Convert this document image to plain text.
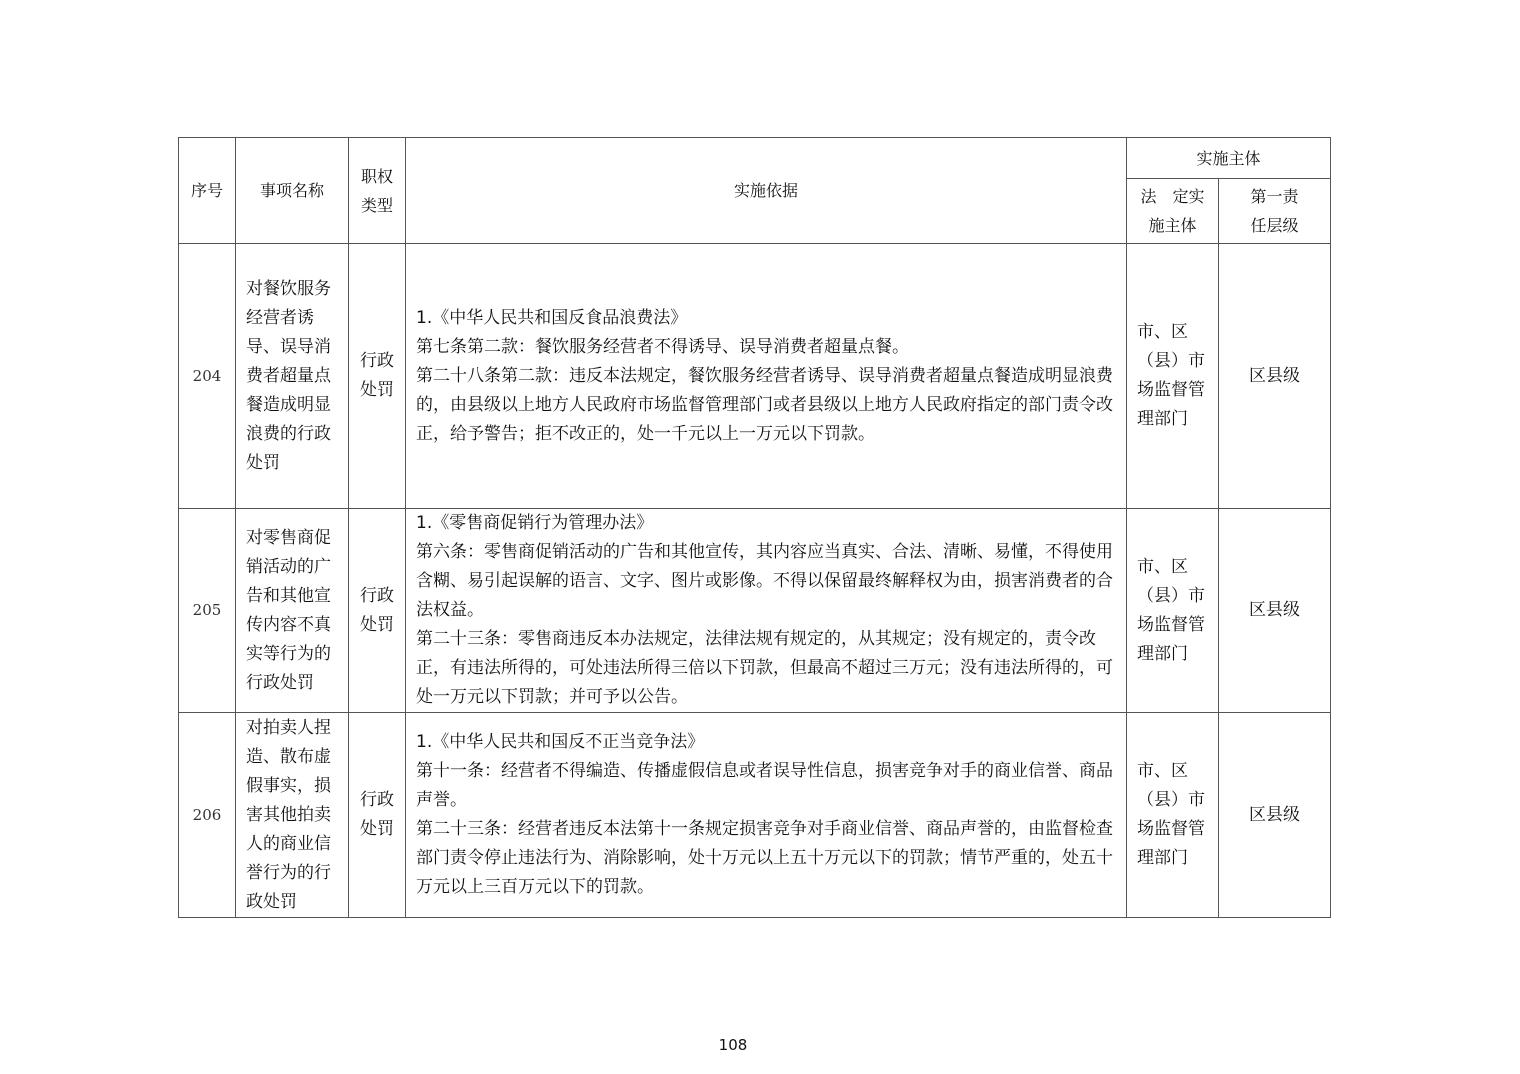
序号	事项名称	职权类型	实施依据	实施主体	
				法　定实施主体	第一责任层级
204	对餐饮服务经营者诱导、误导消费者超量点餐造成明显浪费的行政处罚	行政处罚	1.《中华人民共和国反食品浪费法》

第七条第二款：餐饮服务经营者不得诱导、误导消费者超量点餐。

第二十八条第二款：违反本法规定，餐饮服务经营者诱导、误导消费者超量点餐造成明显浪费的，由县级以上地方人民政府市场监督管理部门或者县级以上地方人民政府指定的部门责令改正，给予警告；拒不改正的，处一千元以上一万元以下罚款。	市、区（县）市场监督管理部门	区县级
205	对零售商促销活动的广告和其他宣传内容不真实等行为的行政处罚	行政处罚	1.《零售商促销行为管理办法》

第六条：零售商促销活动的广告和其他宣传，其内容应当真实、合法、清晰、易懂，不得使用含糊、易引起误解的语言、文字、图片或影像。不得以保留最终解释权为由，损害消费者的合法权益。

第二十三条：零售商违反本办法规定，法律法规有规定的，从其规定；没有规定的，责令改正，有违法所得的，可处违法所得三倍以下罚款，但最高不超过三万元；没有违法所得的，可处一万元以下罚款；并可予以公告。	市、区（县）市场监督管理部门	区县级
206	对拍卖人捏造、散布虚假事实，损害其他拍卖人的商业信誉行为的行政处罚	行政处罚	1.《中华人民共和国反不正当竞争法》

第十一条：经营者不得编造、传播虚假信息或者误导性信息，损害竞争对手的商业信誉、商品声誉。

第二十三条：经营者违反本法第十一条规定损害竞争对手商业信誉、商品声誉的，由监督检查部门责令停止违法行为、消除影响，处十万元以上五十万元以下的罚款；情节严重的，处五十万元以上三百万元以下的罚款。	市、区（县）市场监督管理部门	区县级
108
